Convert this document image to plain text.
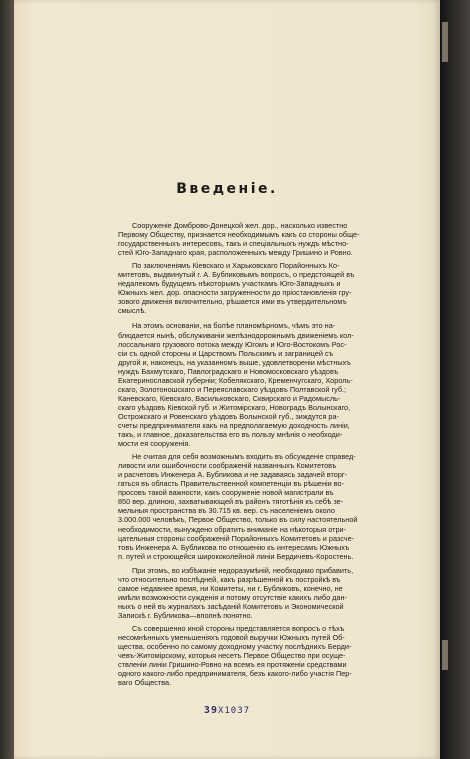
Введеніе.
Сооруженіе Домброво-Донецкой жел. дор., насколько известно
Первому Обществу, признается необходимымъ какъ со стороны обще-
государственныхъ интересовъ, такъ и спеціальныхъ нуждъ мѣстно-
стей Юго-Западнаго края, расположенныхъ между Гришино и Ровно.
По заключеніямъ Кіевскаго и Харьковскаго Порайонныхъ Ко-
митетовъ, выдвинутый г. А. Бубликовымъ вопросъ, о предстоящей въ
недалекомъ будущемъ нѣкоторымъ участкамъ Юго-Западныхъ и
Южныхъ жел. дор. опасности загруженности до прiостановленія гру-
зового движенія включительно, рѣшается ими въ утвердительномъ
смыслѣ.
На этомъ основаніи, на болѣе планомѣрномъ, чѣмъ это на-
блюдается нынѣ, обслуживаніи желѣзнодорожнымъ движеніемъ кол-
лоссальнаго грузового потока между Югомъ и Юго-Востокомъ Рос-
сіи съ одной стороны и Царствомъ Польскимъ и заграницей съ
другой и, наконецъ, на указанномъ выше, удовлетвореніи мѣстныхъ
нуждъ Бахмутскаго, Павлоградскаго и Новомосковскаго уѣздовъ
Екатеринославской губерніи; Кобелякскаго, Кременчугскаго, Хороль-
скаго, Золотоношскаго и Переяславскаго уѣздовъ Полтавской губ.;
Каневскаго, Кіевскаго, Васильковскаго, Сквирскаго и Радомысль-
скаго уѣздовъ Кіевской губ. и Житомірскаго, Новоградъ Волынскаго,
Острожскаго и Ровенскаго уѣздовъ Волынской губ., зиждутся ра-
счеты предпринимателя какъ на предполагаемую доходность линіи,
такъ, и главное, доказательства его въ пользу мнѣнія о необходи-
мости ея сооруженія.
Не считая для себя возможнымъ входить въ обсужденіе справед-
ливости или ошибочности соображеній названныхъ Комитетовъ
и расчетовъ Инженера А. Бубликова и не задаваясь задачей вторг-
гаться въ область Правительственной компетенціи въ рѣшеніи во-
просовъ такой важности, какъ сооруженіе новой магистрали въ
850 вер. длиною, захватывающей въ районъ тяготѣнія къ себѣ зе-
мельныя пространства въ 30.715 кв. вер. съ населеніемъ около
3.000.000 человѣкъ, Первое Общество, только въ силу настоятельной
необходимости, вынуждено обратить вниманіе на нѣкоторыя отри-
цательныя стороны соображеній Порайонныхъ Комитетовъ и разсче-
товъ Инженера А. Бубликова по отношенію къ интересамъ Южныхъ
п. путей и строющейся ширококолейной линіи Бердичевъ-Коростень.
При этомъ, во избѣжаніе недоразумѣній, необходимо прибавить,
что относительно послѣдней, какъ разрѣшенной къ постройкѣ въ
самое недавнее время, ни Комитеты, ни г. Бубликовъ, конечно, не
имѣли возможности сужденія и потому отсутствіе какихъ либо дан-
ныхъ о ней въ журналахъ засѣданій Комитетовъ и Экономической
Запискѣ г. Бубликова—вполнѣ понятно.
Съ совершенно иной стороны представляется вопросъ о тѣхъ
несомнѣнныхъ уменьшеніяхъ годовой выручки Южныхъ путей Об-
щества, особенно по самому доходному участку послѣднихъ Берди-
чевъ-Житомірскому, которыя несетъ Первое Общество при осуще-
ствленіи линіи Гришино-Ровно на всемъ ея протяженіи средствами
одного какого-либо предпринимателя, безъ какого-либо участія Пер-
ваго Общества.
39X1037
